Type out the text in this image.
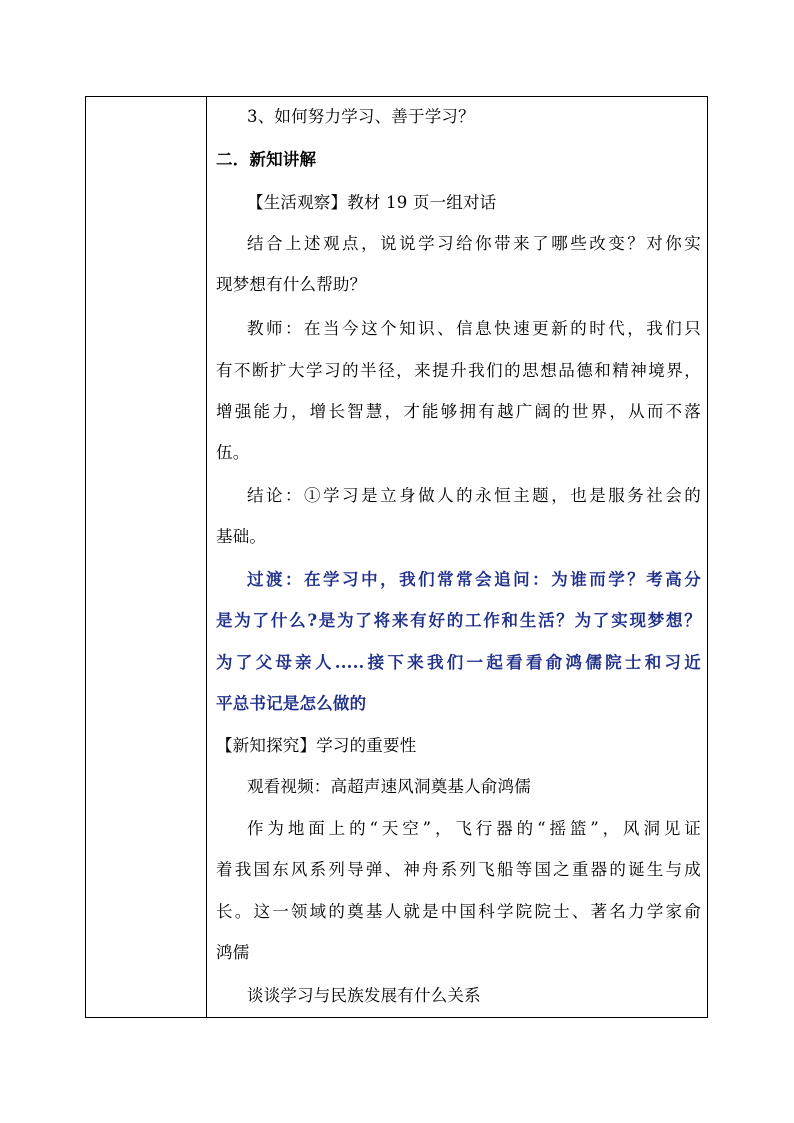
3、如何努力学习、善于学习？
二．新知讲解
【生活观察】教材 19 页一组对话
结合上述观点，说说学习给你带来了哪些改变？对你实
现梦想有什么帮助？
教师：在当今这个知识、信息快速更新的时代，我们只
有不断扩大学习的半径，来提升我们的思想品德和精神境界，
增强能力，增长智慧，才能够拥有越广阔的世界，从而不落
伍。
结论：①学习是立身做人的永恒主题，也是服务社会的
基础。
过渡：在学习中，我们常常会追问：为谁而学？考高分
是为了什么?是为了将来有好的工作和生活？为了实现梦想？
为了父母亲人.....接下来我们一起看看俞鸿儒院士和习近
平总书记是怎么做的
【新知探究】学习的重要性
观看视频：高超声速风洞奠基人俞鸿儒
作为地面上的“天空”，飞行器的“摇篮”，风洞见证
着我国东风系列导弹、神舟系列飞船等国之重器的诞生与成
长。这一领域的奠基人就是中国科学院院士、著名力学家俞
鸿儒
谈谈学习与民族发展有什么关系
